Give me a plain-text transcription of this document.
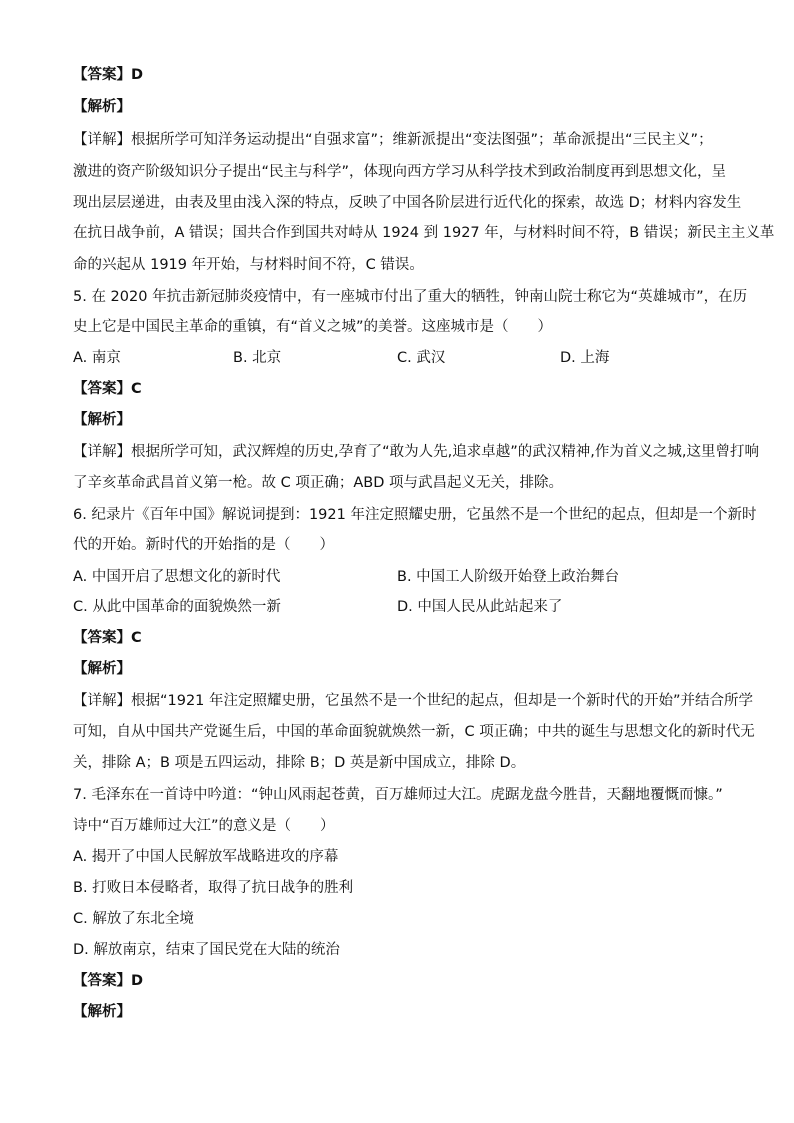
【答案】D
【解析】
【详解】根据所学可知洋务运动提出“自强求富”；维新派提出“变法图强”；革命派提出“三民主义”；
激进的资产阶级知识分子提出“民主与科学”，体现向西方学习从科学技术到政治制度再到思想文化，呈
现出层层递进，由表及里由浅入深的特点，反映了中国各阶层进行近代化的探索，故选 D；材料内容发生
在抗日战争前，A 错误；国共合作到国共对峙从 1924 到 1927 年，与材料时间不符，B 错误；新民主主义革
命的兴起从 1919 年开始，与材料时间不符，C 错误。
5. 在 2020 年抗击新冠肺炎疫情中，有一座城市付出了重大的牺牲，钟南山院士称它为“英雄城市”，在历
史上它是中国民主革命的重镇，有“首义之城”的美誉。这座城市是（　　）
A. 南京	B. 北京	C. 武汉	D. 上海
【答案】C
【解析】
【详解】根据所学可知，武汉辉煌的历史,孕育了“敢为人先,追求卓越”的武汉精神,作为首义之城,这里曾打响
了辛亥革命武昌首义第一枪。故 C 项正确；ABD 项与武昌起义无关，排除。
6. 纪录片《百年中国》解说词提到：1921 年注定照耀史册，它虽然不是一个世纪的起点，但却是一个新时
代的开始。新时代的开始指的是（　　）
A. 中国开启了思想文化的新时代	B. 中国工人阶级开始登上政治舞台
C. 从此中国革命的面貌焕然一新	D. 中国人民从此站起来了
【答案】C
【解析】
【详解】根据“1921 年注定照耀史册，它虽然不是一个世纪的起点，但却是一个新时代的开始”并结合所学
可知，自从中国共产党诞生后，中国的革命面貌就焕然一新，C 项正确；中共的诞生与思想文化的新时代无
关，排除 A；B 项是五四运动，排除 B；D 英是新中国成立，排除 D。
7. 毛泽东在一首诗中吟道：“钟山风雨起苍黄，百万雄师过大江。虎踞龙盘今胜昔，天翻地覆慨而慷。”
诗中“百万雄师过大江”的意义是（　　）
A. 揭开了中国人民解放军战略进攻的序幕
B. 打败日本侵略者，取得了抗日战争的胜利
C. 解放了东北全境
D. 解放南京，结束了国民党在大陆的统治
【答案】D
【解析】
